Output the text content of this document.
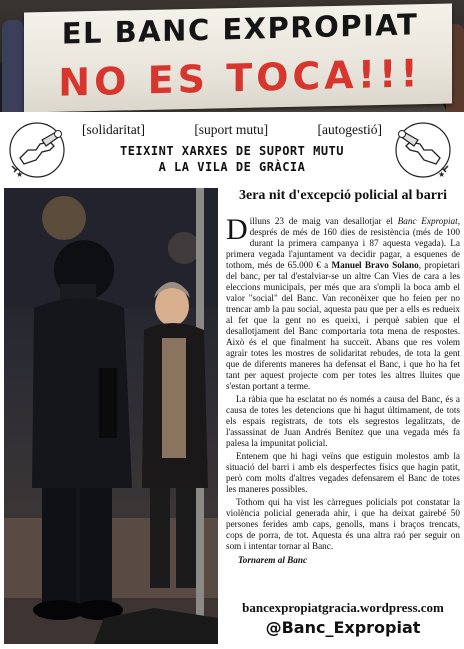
EL BANC EXPROPIAT
NO ES TOCA!!!
★
[solidaritat]	[suport mutu]	[autogestió]
TEIXINT XARXES DE SUPORT MUTU
A LA VILA DE GRÀCIA
★
3era nit d'excepció policial al barri

Dilluns 23 de maig van desallotjar el Banc Expropiat, després de més de 160 dies de resistència (més de 100 durant la primera campanya i 87 aquesta vegada). La primera vegada l'ajuntament va decidir pagar, a esquenes de tothom, més de 65.000 € a Manuel Bravo Solano, propietari del banc, per tal d'estalviar-se un altre Can Vies de cara a les eleccions municipals, per més que ara s'ompli la boca amb el valor "social" del Banc. Van reconèixer que ho feien per no trencar amb la pau social, aquesta pau que per a ells es redueix al fet que la gent no es queixi, i perquè sabien que el desallotjament del Banc comportaria tota mena de respostes. Això és el que finalment ha succeït. Abans que res volem agrair totes les mostres de solidaritat rebudes, de tota la gent que de diferents maneres ha defensat el Banc, i que ho ha fet tant per aquest projecte com per totes les altres lluites que s'estan portant a terme.

La ràbia que ha esclatat no és només a causa del Banc, és a causa de totes les detencions que hi hagut últimament, de tots els espais registrats, de tots els segrestos legalitzats, de l'assassinat de Juan Andrés Benítez que una vegada més fa palesa la impunitat policial.

Entenem que hi hagi veïns que estiguin molestos amb la situació del barri i amb els desperfectes físics que hagin patit, però com molts d'altres vegades defensarem el Banc de totes les maneres possibles.

Tothom qui ha vist les càrregues policials pot constatar la violència policial generada ahir, i que ha deixat gairebé 50 persones ferides amb caps, genolls, mans i braços trencats, cops de porra, de tot. Aquesta és una altra raó per seguir on som i intentar tornar al Banc.

Tornarem al Banc
bancexpropiatgracia.wordpress.com
@Banc_Expropiat
